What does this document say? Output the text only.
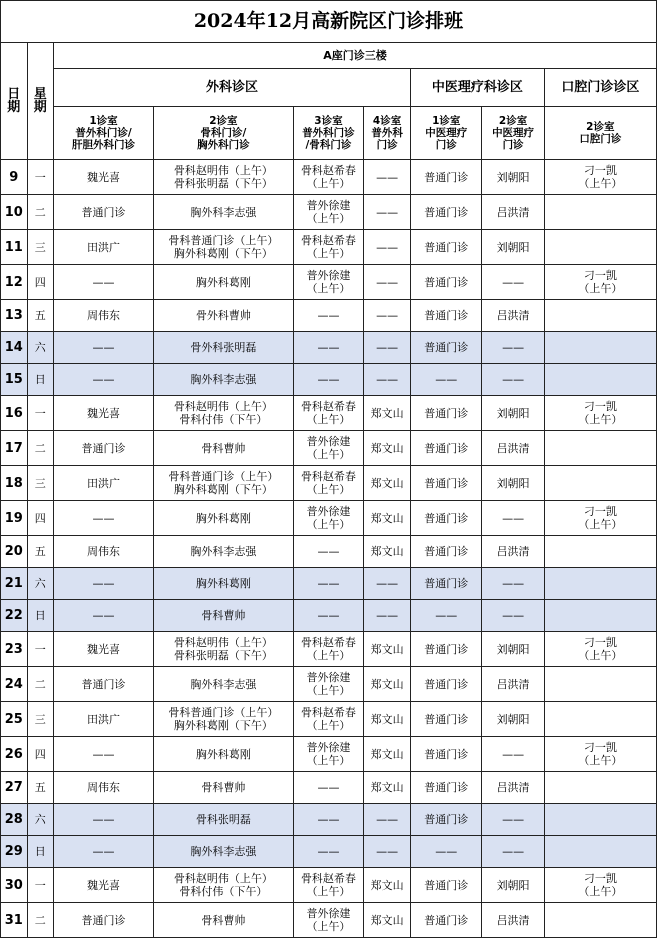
2024年12月高新院区门诊排班								

日
期	星
期	A座门诊三楼						
		外科诊区				中医理疗科诊区		口腔门诊诊区

		1诊室
普外科门诊/
肝胆外科门诊	2诊室
骨科门诊/
胸外科门诊	3诊室
普外科门诊
/骨科门诊	4诊室
普外科
门诊	1诊室
中医理疗
门诊	2诊室
中医理疗
门诊	2诊室
口腔门诊

9	一	魏光喜	骨科赵明伟（上午）
骨科张明磊（下午）	骨科赵希春
（上午）	——	普通门诊	刘朝阳	刁一凯
（上午）

10	二	普通门诊	胸外科李志强	普外徐建
（上午）	——	普通门诊	吕洪清	

11	三	田洪广	骨科普通门诊（上午）
胸外科葛刚（下午）	骨科赵希春
（上午）	——	普通门诊	刘朝阳	

12	四	——	胸外科葛刚	普外徐建
（上午）	——	普通门诊	——	刁一凯
（上午）

13	五	周伟东	骨外科曹帅	——	——	普通门诊	吕洪清	

14	六	——	骨外科张明磊	——	——	普通门诊	——	

15	日	——	胸外科李志强	——	——	——	——	

16	一	魏光喜	骨科赵明伟（上午）
骨科付伟（下午）	骨科赵希春
（上午）	郑文山	普通门诊	刘朝阳	刁一凯
（上午）

17	二	普通门诊	骨科曹帅	普外徐建
（上午）	郑文山	普通门诊	吕洪清	

18	三	田洪广	骨科普通门诊（上午）
胸外科葛刚（下午）	骨科赵希春
（上午）	郑文山	普通门诊	刘朝阳	

19	四	——	胸外科葛刚	普外徐建
（上午）	郑文山	普通门诊	——	刁一凯
（上午）

20	五	周伟东	胸外科李志强	——	郑文山	普通门诊	吕洪清	

21	六	——	胸外科葛刚	——	——	普通门诊	——	

22	日	——	骨科曹帅	——	——	——	——	

23	一	魏光喜	骨科赵明伟（上午）
骨科张明磊（下午）	骨科赵希春
（上午）	郑文山	普通门诊	刘朝阳	刁一凯
（上午）

24	二	普通门诊	胸外科李志强	普外徐建
（上午）	郑文山	普通门诊	吕洪清	

25	三	田洪广	骨科普通门诊（上午）
胸外科葛刚（下午）	骨科赵希春
（上午）	郑文山	普通门诊	刘朝阳	

26	四	——	胸外科葛刚	普外徐建
（上午）	郑文山	普通门诊	——	刁一凯
（上午）

27	五	周伟东	骨科曹帅	——	郑文山	普通门诊	吕洪清	

28	六	——	骨科张明磊	——	——	普通门诊	——	

29	日	——	胸外科李志强	——	——	——	——	

30	一	魏光喜	骨科赵明伟（上午）
骨科付伟（下午）	骨科赵希春
（上午）	郑文山	普通门诊	刘朝阳	刁一凯
（上午）

31	二	普通门诊	骨科曹帅	普外徐建
（上午）	郑文山	普通门诊	吕洪清	
